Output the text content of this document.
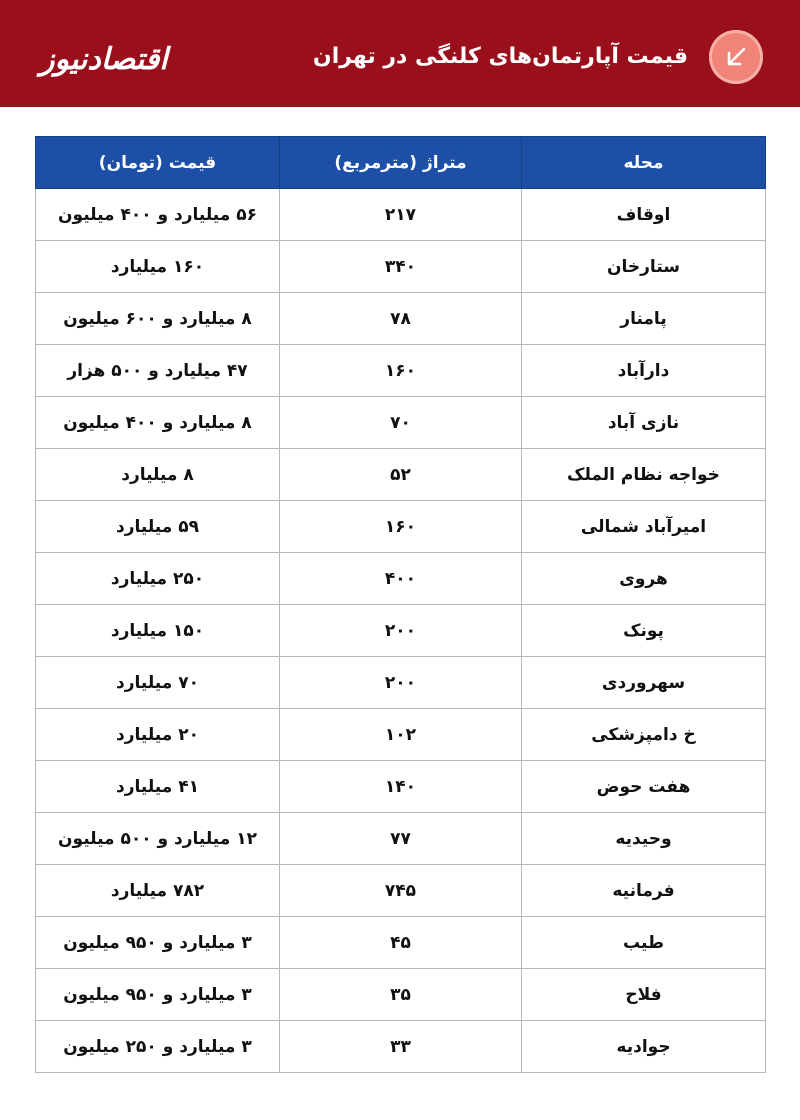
قیمت آپارتمان‌های کلنگی در تهران
اقتصادنیوز
محله	متراژ (مترمربع)	قیمت (تومان)
اوقاف	۲۱۷	۵۶ میلیارد و ۴۰۰ میلیون
ستارخان	۳۴۰	۱۶۰ میلیارد
پامنار	۷۸	۸ میلیارد و ۶۰۰ میلیون
دارآباد	۱۶۰	۴۷ میلیارد و ۵۰۰ هزار
نازی آباد	۷۰	۸ میلیارد و ۴۰۰ میلیون
خواجه نظام الملک	۵۲	۸ میلیارد
امیرآباد شمالی	۱۶۰	۵۹ میلیارد
هروی	۴۰۰	۲۵۰ میلیارد
پونک	۲۰۰	۱۵۰ میلیارد
سهروردی	۲۰۰	۷۰ میلیارد
خ دامپزشکی	۱۰۲	۲۰ میلیارد
هفت حوض	۱۴۰	۴۱ میلیارد
وحیدیه	۷۷	۱۲ میلیارد و ۵۰۰ میلیون
فرمانیه	۷۴۵	۷۸۲ میلیارد
طیب	۴۵	۳ میلیارد و ۹۵۰ میلیون
فلاح	۳۵	۳ میلیارد و ۹۵۰ میلیون
جوادیه	۳۳	۳ میلیارد و ۲۵۰ میلیون
